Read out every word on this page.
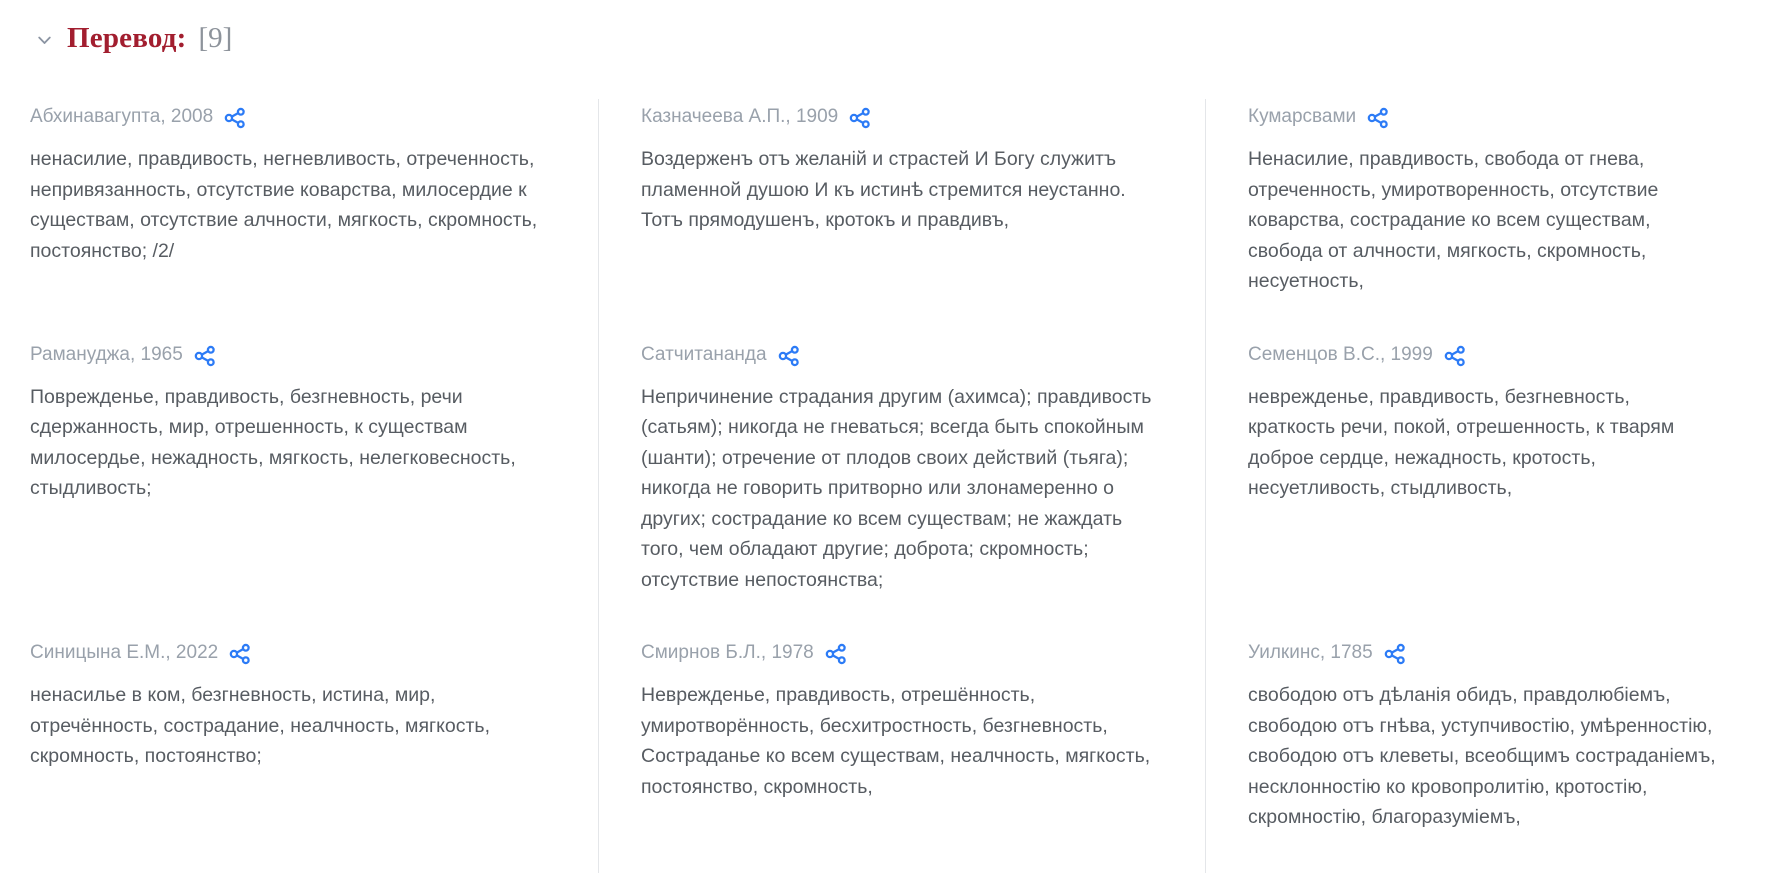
Перевод: [9]
Абхинавагупта, 2008
ненасилие, правдивость, негневливость, отреченность, непривязанность, отсутствие коварства, милосердие к существам, отсутствие алчности, мягкость, скромность, постоянство; /2/
Казначеева А.П., 1909
Воздерженъ отъ желаній и страстей И Богу служитъ пламенной душою И къ истинѣ стремится неустанно. Тотъ прямодушенъ, кротокъ и правдивъ,
Кумарсвами
Ненасилие, правдивость, свобода от гнева, отреченность, умиротворенность, отсутствие коварства, сострадание ко всем существам, свобода от алчности, мягкость, скромность, несуетность,
Рамануджа, 1965
Поврежденье, правдивость, безгневность, речи сдержанность, мир, отрешенность, к существам милосердье, нежадность, мягкость, нелегковесность, стыдливость;
Сатчитананда
Непричинение страдания другим (ахимса); правдивость (сатьям); никогда не гневаться; всегда быть спокойным (шанти); отречение от плодов своих действий (тьяга); никогда не говорить притворно или злонамеренно о других; сострадание ко всем существам; не жаждать того, чем обладают другие; доброта; скромность; отсутствие непостоянства;
Семенцов В.С., 1999
неврежденье, правдивость, безгневность, краткость речи, покой, отрешенность, к тварям доброе сердце, нежадность, кротость, несуетливость, стыдливость,
Синицына Е.М., 2022
ненасилье в ком, безгневность, истина, мир, отречённость, сострадание, неалчность, мягкость, скромность, постоянство;
Смирнов Б.Л., 1978
Неврежденье, правдивость, отрешённость, умиротворённость, бесхитростность, безгневность, Состраданье ко всем существам, неалчность, мягкость, постоянство, скромность,
Уилкинс, 1785
свободою отъ дѣланія обидъ, правдолюбіемъ, свободою отъ гнѣва, уступчивостію, умѣренностію, свободою отъ клеветы, всеобщимъ состраданіемъ, несклонностію ко кровопролитію, кротостію, скромностію, благоразуміемъ,
